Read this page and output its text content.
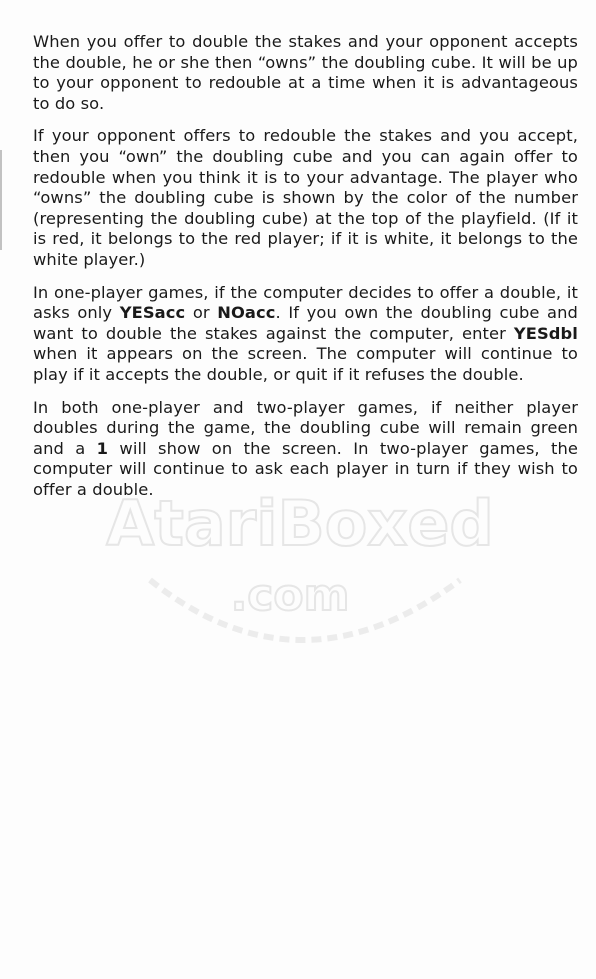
AtariBoxed
.com

When you offer to double the stakes and your opponent accepts the double, he or she then “owns” the doubling cube. It will be up to your opponent to redouble at a time when it is advantageous to do so.

If your opponent offers to redouble the stakes and you accept, then you “own” the doubling cube and you can again offer to redouble when you think it is to your advantage. The player who “owns” the doubling cube is shown by the color of the number (representing the doubling cube) at the top of the playfield. (If it is red, it belongs to the red player; if it is white, it belongs to the white player.)

In one-player games, if the computer decides to offer a double, it asks only YESacc or NOacc. If you own the doubling cube and want to double the stakes against the computer, enter YESdbl when it appears on the screen. The computer will continue to play if it accepts the double, or quit if it refuses the double.

In both one-player and two-player games, if neither player doubles during the game, the doubling cube will remain green and a 1 will show on the screen. In two-player games, the computer will continue to ask each player in turn if they wish to offer a double.
